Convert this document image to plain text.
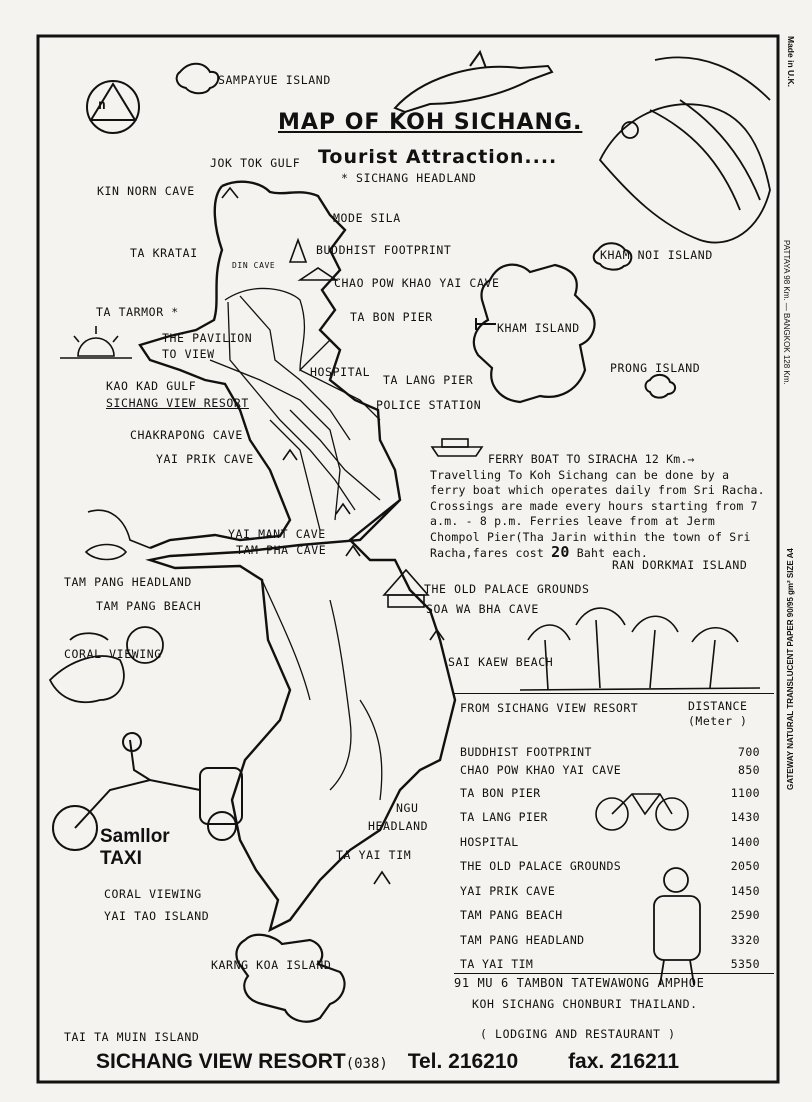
MAP OF KOH SICHANG.
Tourist Attraction....
n
Made in U.K.
PATTAYA 98 Km. — BANGKOK 128 Km.
GATEWAY NATURAL TRANSLUCENT PAPER 90/95 gm² SIZE A4
SAMPAYUE ISLAND
JOK TOK GULF
* SICHANG HEADLAND
KIN NORN CAVE
MODE SILA
BUDDHIST FOOTPRINT
TA KRATAI
DIN CAVE
KHAM NOI ISLAND
CHAO POW KHAO YAI CAVE
TA TARMOR *	TA BON PIER
KHAM ISLAND
THE PAVILION
TO VIEW
HOSPITAL	PRONG ISLAND
KAO KAD GULF	TA LANG PIER
SICHANG VIEW RESORT	POLICE STATION
CHAKRAPONG CAVE
YAI PRIK CAVE
YAI MANT CAVE
TAM PHA CAVE
RAN DORKMAI ISLAND
TAM PANG HEADLAND	THE OLD PALACE GROUNDS
TAM PANG BEACH	SOA WA BHA CAVE
CORAL VIEWING
SAI KAEW BEACH
NGU
HEADLAND
TA YAI TIM
CORAL VIEWING
YAI TAO ISLAND
KARNG KOA ISLAND
TAI TA MUIN ISLAND
FERRY BOAT TO SIRACHA 12 Km.→
Travelling To Koh Sichang can be done by a ferry boat which operates daily from Sri Racha. Crossings are made every hours starting from 7 a.m. - 8 p.m. Ferries leave from at Jerm Chompol Pier(Tha Jarin within the town of Sri Racha,fares cost 20 Baht each.
Samllor
TAXI
FROM SICHANG VIEW RESORT	DISTANCE
(Meter )
BUDDHIST FOOTPRINT	700
CHAO POW KHAO YAI CAVE	850
TA BON PIER	1100
TA LANG PIER	1430
HOSPITAL	1400
THE OLD PALACE GROUNDS	2050
YAI PRIK CAVE	1450
TAM PANG BEACH	2590
TAM PANG HEADLAND	3320
TA YAI TIM	5350
91 MU 6 TAMBON TATEWAWONG AMPHOE
KOH SICHANG CHONBURI THAILAND.
( LODGING AND RESTAURANT )
SICHANG VIEW RESORT(038) Tel. 216210 fax. 216211
